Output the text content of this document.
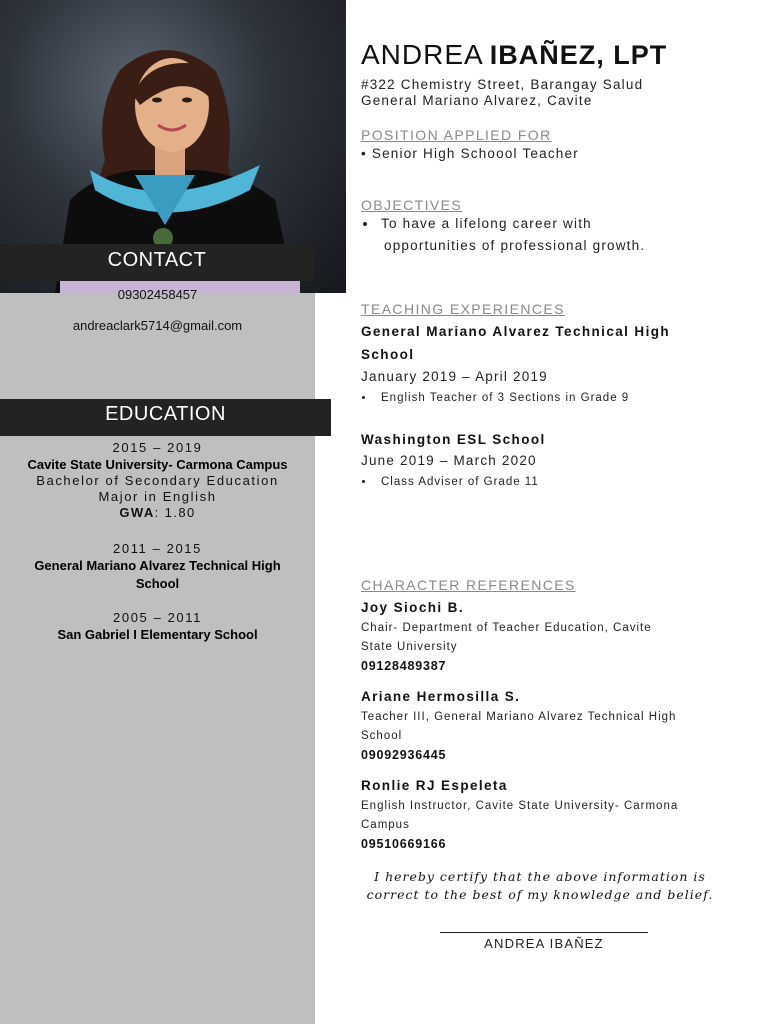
CONTACT
09302458457
andreaclark5714@gmail.com
EDUCATION
2015 – 2019
Cavite State University- Carmona Campus
Bachelor of Secondary Education
Major in English
GWA: 1.80
2011 – 2015
General Mariano Alvarez Technical High
School
2005 – 2011
San Gabriel I Elementary School
ANDREA IBAÑEZ, LPT
#322 Chemistry Street, Barangay Salud
General Mariano Alvarez, Cavite
POSITION APPLIED FOR
• Senior High Schoool Teacher
OBJECTIVES
To have a lifelong career with
opportunities of professional growth.
TEACHING EXPERIENCES
General Mariano Alvarez Technical High
School
January 2019 – April 2019
English Teacher of 3 Sections in Grade 9
Washington ESL School
June 2019 – March 2020
Class Adviser of Grade 11
CHARACTER REFERENCES
Joy Siochi B.
Chair- Department of Teacher Education, Cavite
State University
09128489387
Ariane Hermosilla S.
Teacher III, General Mariano Alvarez Technical High
School
09092936445
Ronlie RJ Espeleta
English Instructor, Cavite State University- Carmona
Campus
09510669166
I hereby certify that the above information is
correct to the best of my knowledge and belief.
ANDREA IBAÑEZ
